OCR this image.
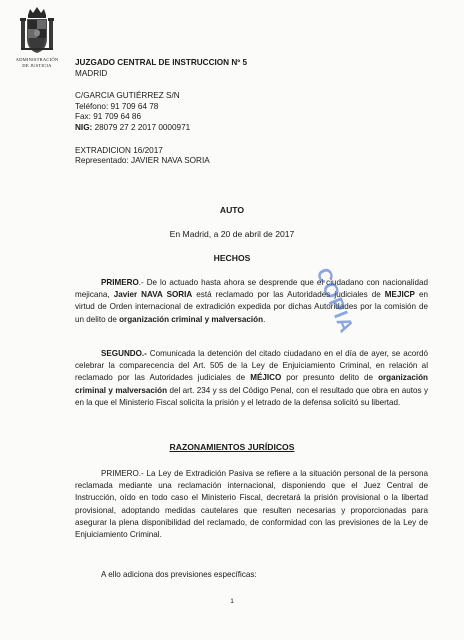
ADMINISTRACIÓN
DE JUSTICIA	JUZGADO CENTRAL DE INSTRUCCION Nº 5
MADRID
C/GARCIA GUTIÉRREZ S/N
Teléfono: 91 709 64 78
Fax: 91 709 64 86
NIG: 28079 27 2 2017 0000971
EXTRADICION 16/2017
Representado: JAVIER NAVA SORIA
AUTO
En Madrid, a 20 de abril de 2017
HECHOS
PRIMERO.- De lo actuado hasta ahora se desprende que el ciudadano con nacionalidad mejicana, Javier NAVA SORIA está reclamado por las Autoridades judiciales de MEJICP en virtud de Orden internacional de extradición expedida por dichas Autoridades por la comisión de un delito de organización criminal y malversación.
SEGUNDO.- Comunicada la detención del citado ciudadano en el día de ayer, se acordó celebrar la comparecencia del Art. 505 de la Ley de Enjuiciamiento Criminal, en relación al reclamado por las Autoridades judiciales de MÉJICO por presunto delito de organización criminal y malversación del art. 234 y ss del Código Penal, con el resultado que obra en autos y en la que el Ministerio Fiscal solicita la prisión y el letrado de la defensa solicitó su libertad.
RAZONAMIENTOS JURÍDICOS
PRIMERO.- La Ley de Extradición Pasiva se refiere a la situación personal de la persona reclamada mediante una reclamación internacional, disponiendo que el Juez Central de Instrucción, oído en todo caso el Ministerio Fiscal, decretará la prisión provisional o la libertad provisional, adoptando medidas cautelares que resulten necesarias y proporcionadas para asegurar la plena disponibilidad del reclamado, de conformidad con las previsiones de la Ley de Enjuiciamiento Criminal.
A ello adiciona dos previsiones específicas:
COPIA
1
